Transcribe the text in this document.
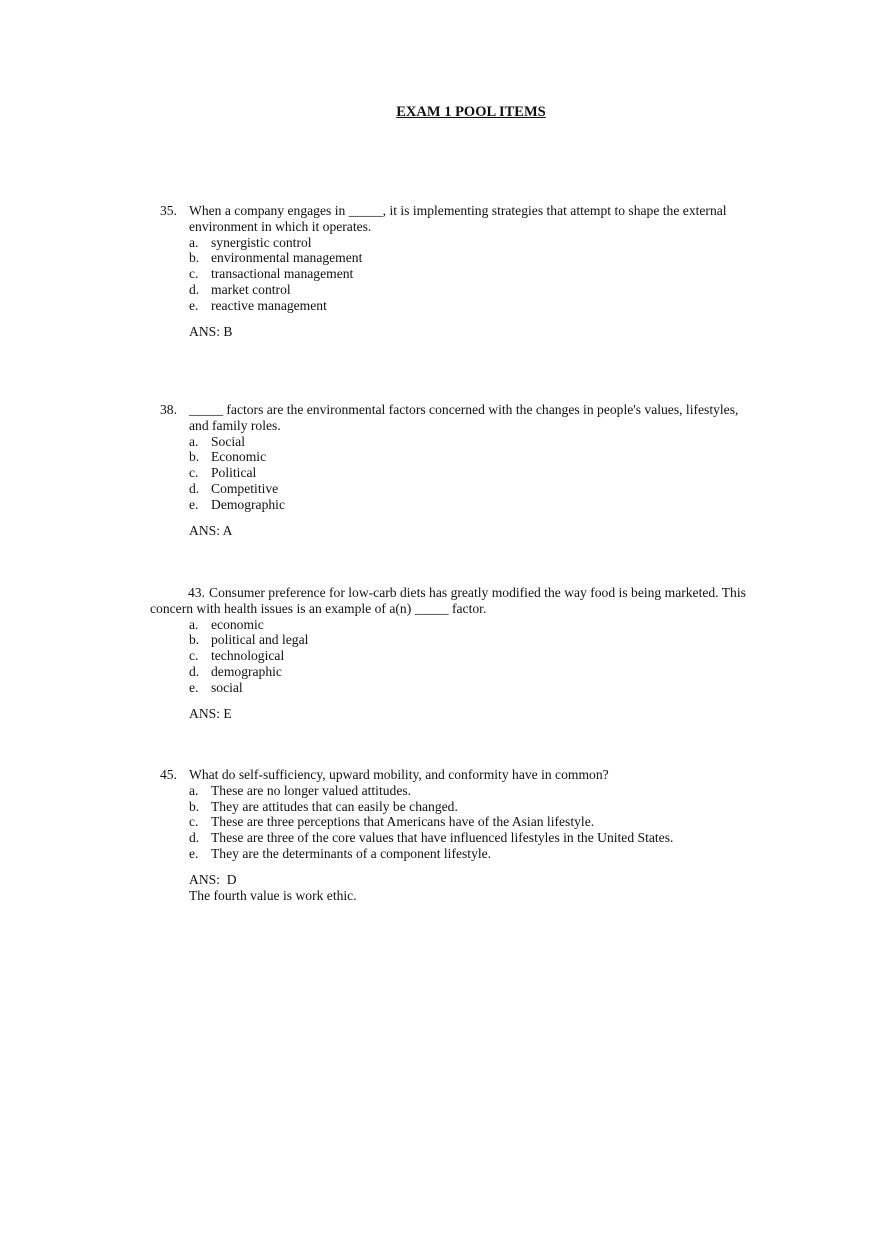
EXAM 1 POOL ITEMS
35. When a company engages in _____, it is implementing strategies that attempt to shape the external environment in which it operates.
a. synergistic control
b. environmental management
c. transactional management
d. market control
e. reactive management
ANS: B
38. _____ factors are the environmental factors concerned with the changes in people's values, lifestyles, and family roles.
a. Social
b. Economic
c. Political
d. Competitive
e. Demographic
ANS: A
43. Consumer preference for low-carb diets has greatly modified the way food is being marketed. This concern with health issues is an example of a(n) _____ factor.
a. economic
b. political and legal
c. technological
d. demographic
e. social
ANS: E
45. What do self-sufficiency, upward mobility, and conformity have in common?
a. These are no longer valued attitudes.
b. They are attitudes that can easily be changed.
c. These are three perceptions that Americans have of the Asian lifestyle.
d. These are three of the core values that have influenced lifestyles in the United States.
e. They are the determinants of a component lifestyle.
ANS:  D
The fourth value is work ethic.
